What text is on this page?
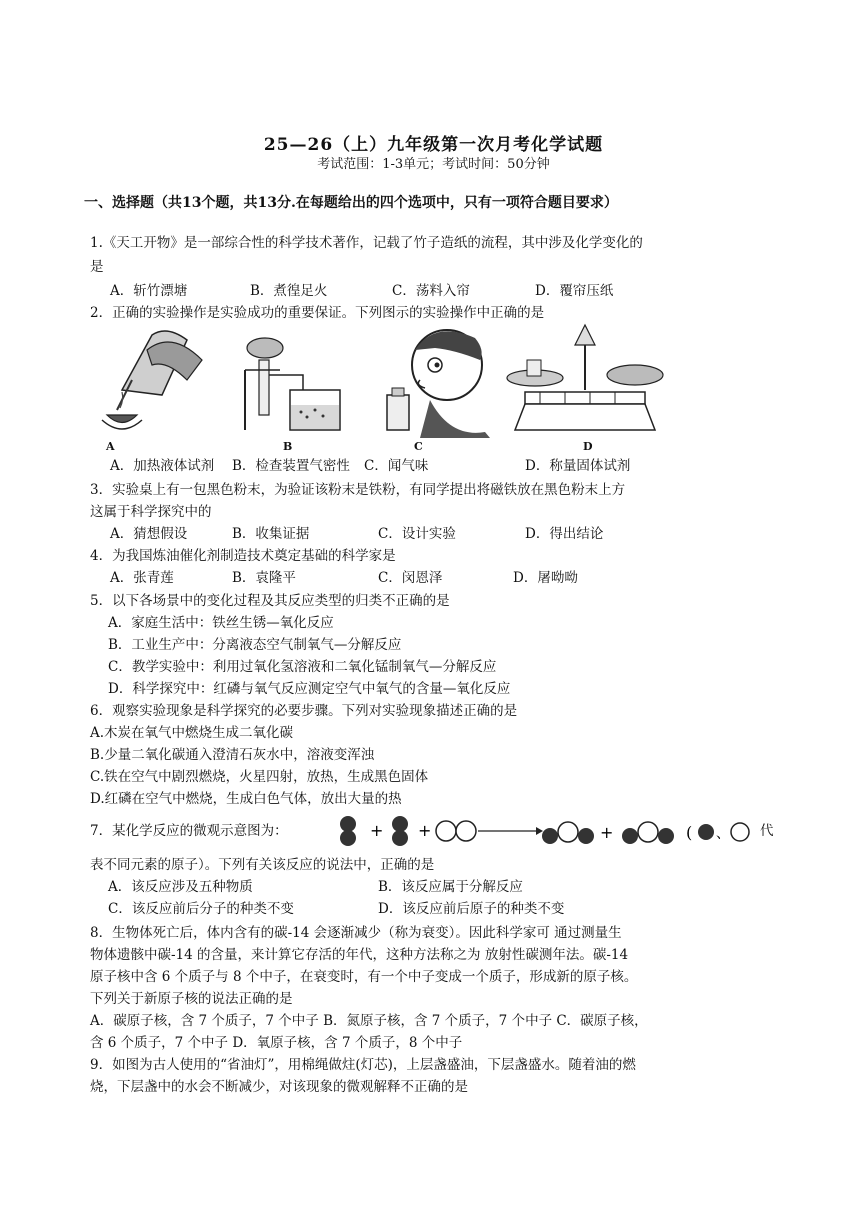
25—26（上）九年级第一次月考化学试题
考试范围：1-3单元；考试时间：50分钟
一、选择题（共13个题，共13分.在每题给出的四个选项中，只有一项符合题目要求）
1.《天工开物》是一部综合性的科学技术著作，记载了竹子造纸的流程，其中涉及化学变化的
是
A．斩竹漂塘	B．煮徨足火	C．荡料入帘	D．覆帘压纸
2．正确的实验操作是实验成功的重要保证。下列图示的实验操作中正确的是
A	B	C	D
A．加热液体试剂 B．检查装置气密性 C．闻气味	D．称量固体试剂
3．实验桌上有一包黑色粉末，为验证该粉末是铁粉，有同学提出将磁铁放在黑色粉末上方
这属于科学探究中的
A．猜想假设	B．收集证据	C．设计实验	D．得出结论
4．为我国炼油催化剂制造技术奠定基础的科学家是
A．张青莲	B．袁隆平	C．闵恩泽	D．屠呦呦
5．以下各场景中的变化过程及其反应类型的归类不正确的是
A．家庭生活中：铁丝生锈—氧化反应
B．工业生产中：分离液态空气制氧气—分解反应
C．教学实验中：利用过氧化氢溶液和二氧化锰制氧气—分解反应
D．科学探究中：红磷与氧气反应测定空气中氧气的含量—氧化反应
6．观察实验现象是科学探究的必要步骤。下列对实验现象描述正确的是
A.木炭在氧气中燃烧生成二氧化碳
B.少量二氧化碳通入澄清石灰水中，溶液变浑浊
C.铁在空气中剧烈燃烧，火星四射，放热，生成黑色固体
D.红磷在空气中燃烧，生成白色气体，放出大量的热
7．某化学反应的微观示意图为：	+ +	+	( 、 代
表不同元素的原子）。下列有关该反应的说法中，正确的是
A．该反应涉及五种物质	B．该反应属于分解反应
C．该反应前后分子的种类不变	D．该反应前后原子的种类不变
8．生物体死亡后，体内含有的碳-14 会逐渐减少（称为衰变）。因此科学家可 通过测量生
物体遗骸中碳-14 的含量，来计算它存活的年代，这种方法称之为 放射性碳测年法。碳-14
原子核中含 6 个质子与 8 个中子，在衰变时，有一个中子变成一个质子，形成新的原子核。
下列关于新原子核的说法正确的是
A．碳原子核，含 7 个质子，7 个中子 B．氮原子核，含 7 个质子，7 个中子 C．碳原子核，
含 6 个质子，7 个中子 D．氧原子核，含 7 个质子，8 个中子
9．如图为古人使用的“省油灯”，用棉绳做炷(灯芯)，上层盏盛油，下层盏盛水。随着油的燃
烧，下层盏中的水会不断减少，对该现象的微观解释不正确的是
